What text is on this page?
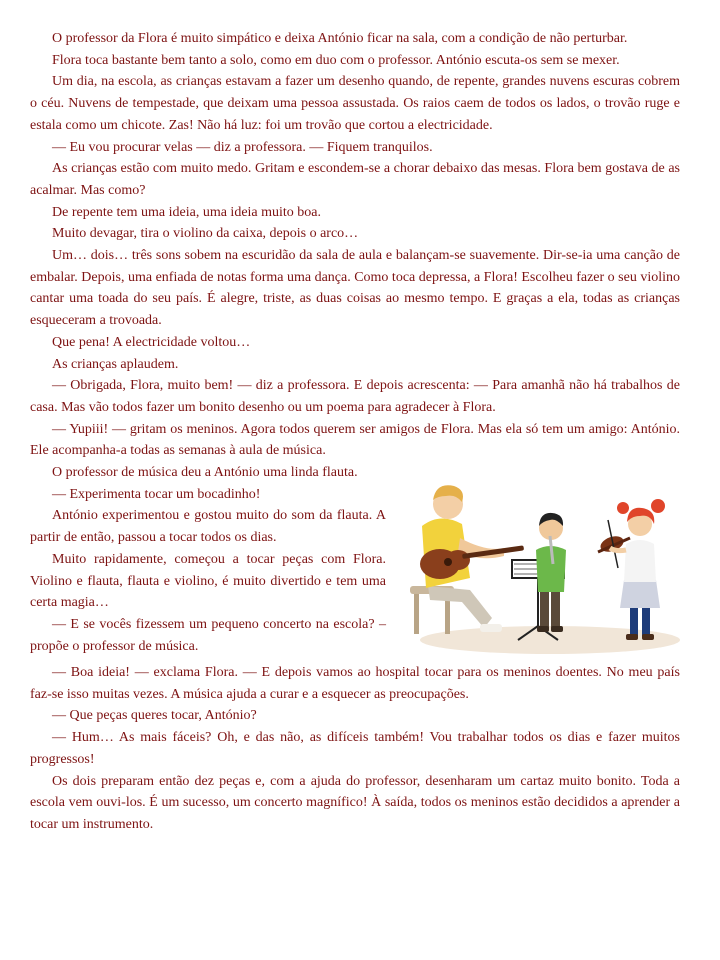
O professor da Flora é muito simpático e deixa António ficar na sala, com a condição de não perturbar.

Flora toca bastante bem tanto a solo, como em duo com o professor. António escuta-os sem se mexer.

Um dia, na escola, as crianças estavam a fazer um desenho quando, de repente, grandes nuvens escuras cobrem o céu. Nuvens de tempestade, que deixam uma pessoa assustada. Os raios caem de todos os lados, o trovão ruge e estala como um chicote. Zas! Não há luz: foi um trovão que cortou a electricidade.

— Eu vou procurar velas –– diz a professora. — Fiquem tranquilos.

As crianças estão com muito medo. Gritam e escondem-se a chorar debaixo das mesas. Flora bem gostava de as acalmar. Mas como?

De repente tem uma ideia, uma ideia muito boa.

Muito devagar, tira o violino da caixa, depois o arco…

Um… dois… três sons sobem na escuridão da sala de aula e balançam-se suavemente. Dir-se-ia uma canção de embalar. Depois, uma enfiada de notas forma uma dança. Como toca depressa, a Flora! Escolheu fazer o seu violino cantar uma toada do seu país. É alegre, triste, as duas coisas ao mesmo tempo. E graças a ela, todas as crianças esqueceram a trovoada.

Que pena! A electricidade voltou…

As crianças aplaudem.

— Obrigada, Flora, muito bem! — diz a professora. E depois acrescenta: — Para amanhã não há trabalhos de casa. Mas vão todos fazer um bonito desenho ou um poema para agradecer à Flora.

— Yupiii! — gritam os meninos. Agora todos querem ser amigos de Flora. Mas ela só tem um amigo: António. Ele acompanha-a todas as semanas à aula de música.

O professor de música deu a António uma linda flauta.

— Experimenta tocar um bocadinho!

António experimentou e gostou muito do som da flauta. A partir de então, passou a tocar todos os dias.

Muito rapidamente, começou a tocar peças com Flora. Violino e flauta, flauta e violino, é muito divertido e tem uma certa magia…

— E se vocês fizessem um pequeno concerto na escola? – propõe o professor de música.

— Boa ideia! — exclama Flora. –– E depois vamos ao hospital tocar para os meninos doentes. No meu país faz-se isso muitas vezes. A música ajuda a curar e a esquecer as preocupações.

— Que peças queres tocar, António?

— Hum… As mais fáceis? Oh, e das não, as difíceis também! Vou trabalhar todos os dias e fazer muitos progressos!

Os dois preparam então dez peças e, com a ajuda do professor, desenharam um cartaz muito bonito. Toda a escola vem ouvi-los. É um sucesso, um concerto magnífico! À saída, todos os meninos estão decididos a aprender a tocar um instrumento.
